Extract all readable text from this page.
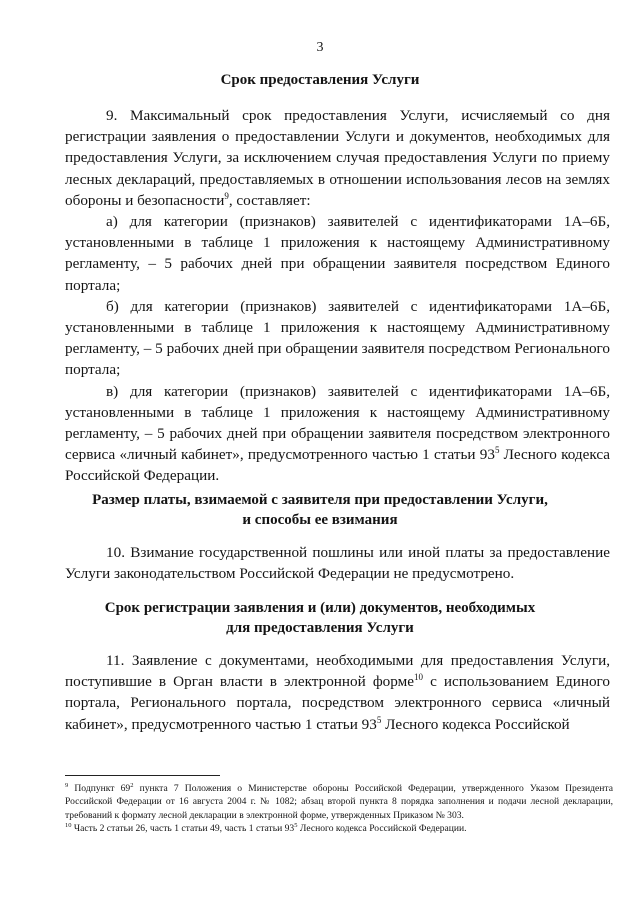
3
Срок предоставления Услуги

9. Максимальный срок предоставления Услуги, исчисляемый со дня регистрации заявления о предоставлении Услуги и документов, необходимых для предоставления Услуги, за исключением случая предоставления Услуги по приему лесных деклараций, предоставляемых в отношении использования лесов на землях обороны и безопасности$^9$, составляет:

а) для категории (признаков) заявителей с идентификаторами 1А–6Б, установленными в таблице 1 приложения к настоящему Административному регламенту, – 5 рабочих дней при обращении заявителя посредством Единого портала;

б) для категории (признаков) заявителей с идентификаторами 1А–6Б, установленными в таблице 1 приложения к настоящему Административному регламенту, – 5 рабочих дней при обращении заявителя посредством Регионального портала;

в) для категории (признаков) заявителей с идентификаторами 1А–6Б, установленными в таблице 1 приложения к настоящему Административному регламенту, – 5 рабочих дней при обращении заявителя посредством электронного сервиса «личный кабинет», предусмотренного частью 1 статьи $93^5$ Лесного кодекса Российской Федерации.

Размер платы, взимаемой с заявителя при предоставлении Услуги,
и способы ее взимания

10. Взимание государственной пошлины или иной платы за предоставление Услуги законодательством Российской Федерации не предусмотрено.

Срок регистрации заявления и (или) документов, необходимых
для предоставления Услуги

11. Заявление с документами, необходимыми для предоставления Услуги, поступившие в Орган власти в электронной форме$^{10}$ с использованием Единого портала, Регионального портала, посредством электронного сервиса «личный кабинет», предусмотренного частью 1 статьи $93^5$ Лесного кодекса Российской

$^9$ Подпункт $69^2$ пункта 7 Положения о Министерстве обороны Российской Федерации, утвержденного Указом Президента Российской Федерации от 16 августа 2004 г. № 1082; абзац второй пункта 8 порядка заполнения и подачи лесной декларации, требований к формату лесной декларации в электронной форме, утвержденных Приказом № 303.

$^{10}$ Часть 2 статьи 26, часть 1 статьи 49, часть 1 статьи $93^5$ Лесного кодекса Российской Федерации.
